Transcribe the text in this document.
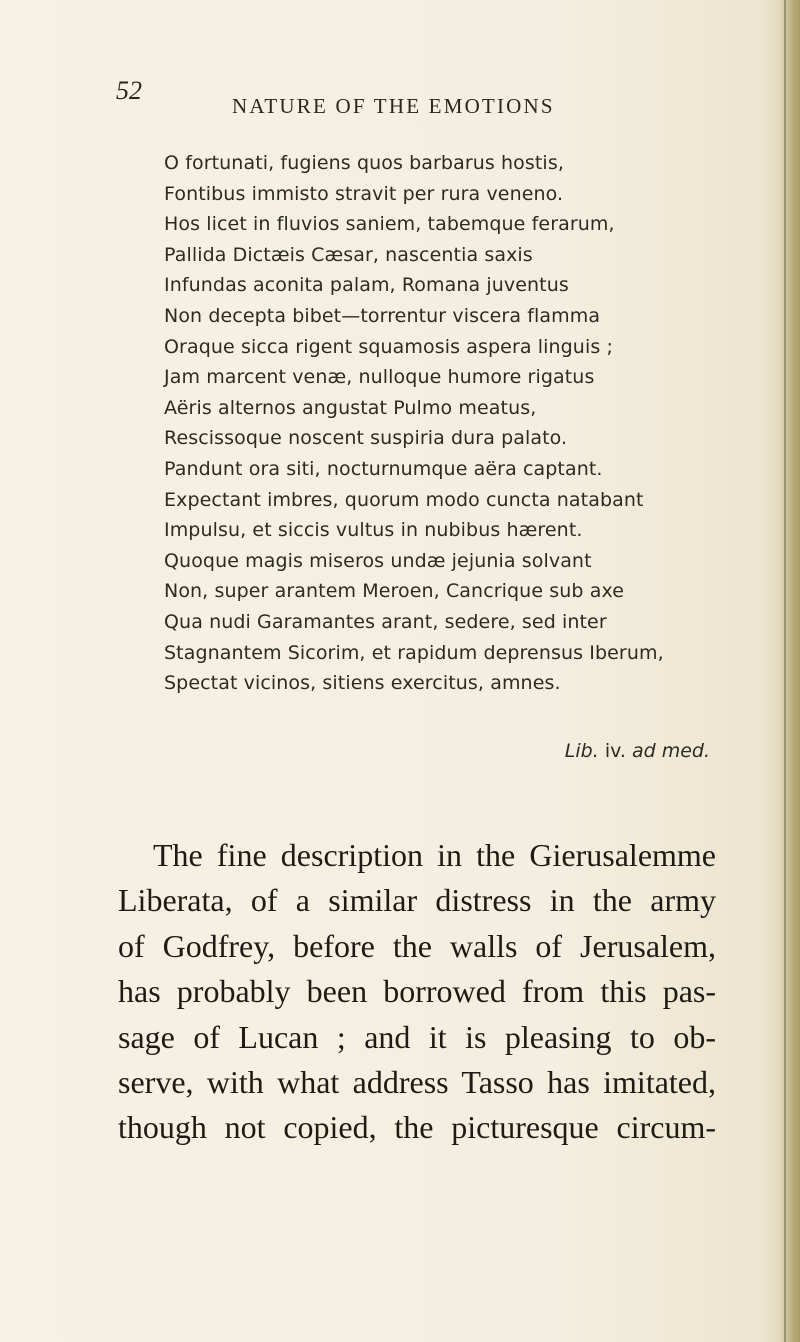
52
NATURE OF THE EMOTIONS
O fortunati, fugiens quos barbarus hostis,
Fontibus immisto stravit per rura veneno.
Hos licet in fluvios saniem, tabemque ferarum,
Pallida Dictæis Cæsar, nascentia saxis
Infundas aconita palam, Romana juventus
Non decepta bibet—torrentur viscera flamma
Oraque sicca rigent squamosis aspera linguis ;
Jam marcent venæ, nulloque humore rigatus
Aëris alternos angustat Pulmo meatus,
Rescissoque noscent suspiria dura palato.
Pandunt ora siti, nocturnumque aëra captant.
Expectant imbres, quorum modo cuncta natabant
Impulsu, et siccis vultus in nubibus hærent.
Quoque magis miseros undæ jejunia solvant
Non, super arantem Meroen, Cancrique sub axe
Qua nudi Garamantes arant, sedere, sed inter
Stagnantem Sicorim, et rapidum deprensus Iberum,
Spectat vicinos, sitiens exercitus, amnes.
Lib. iv. ad med.
The fine description in the Gierusalemme
Liberata, of a similar distress in the army
of Godfrey, before the walls of Jerusalem,
has probably been borrowed from this pas-
sage of Lucan ; and it is pleasing to ob-
serve, with what address Tasso has imitated,
though not copied, the picturesque circum-
